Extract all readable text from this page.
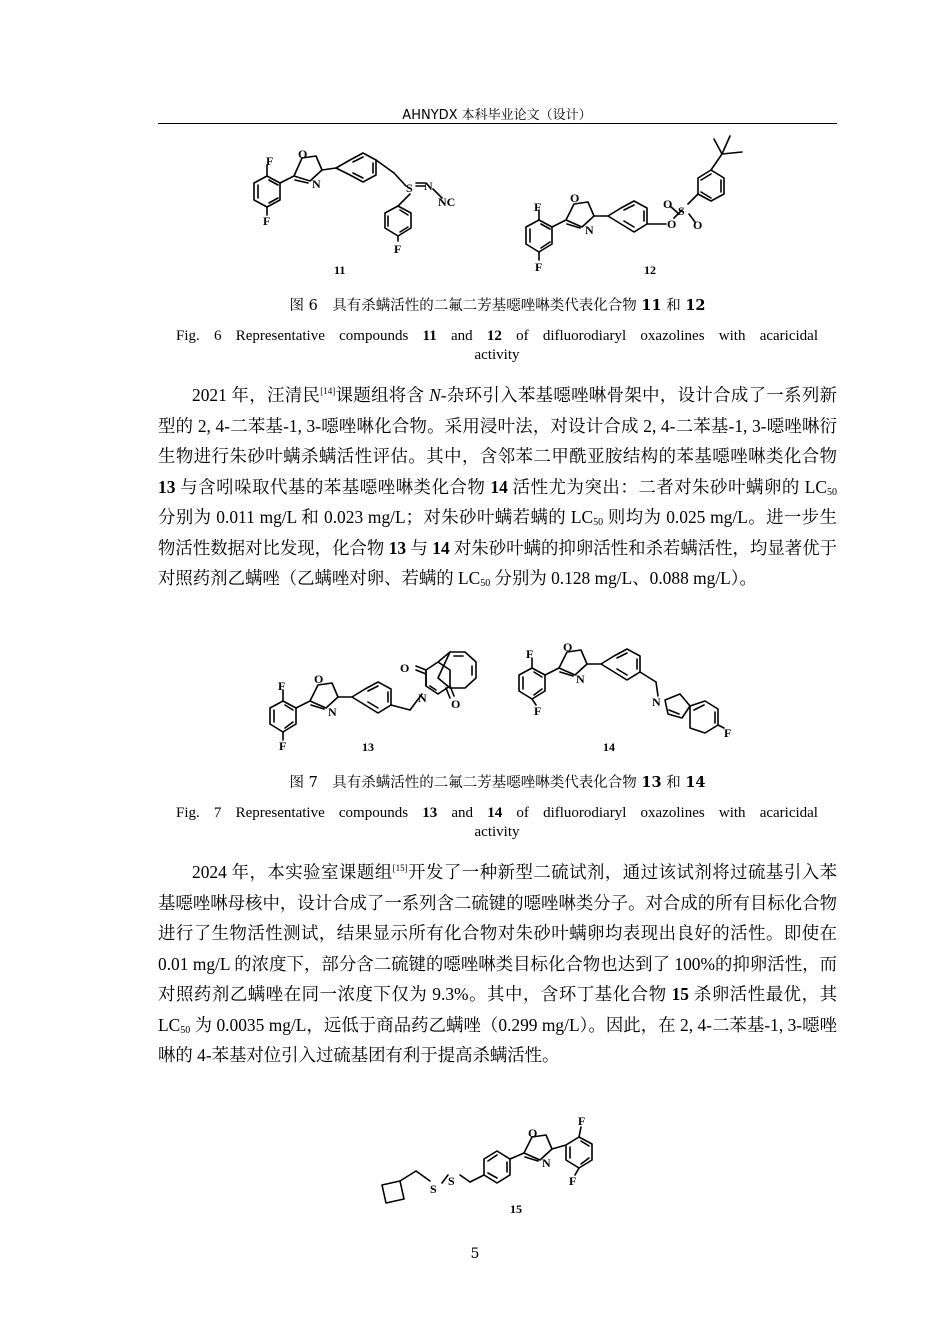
AHNYDX 本科毕业论文（设计）
F
F
O
N	S N
NC
F
11
F
F
O
N	O
S
O
O
12
图 6　具有杀螨活性的二氟二芳基噁唑啉类代表化合物 11 和 12
Fig. 6 Representative compounds 11 and 12 of difluorodiaryl oxazolines with acaricidal activity
2021 年，汪清民[14]课题组将含 N-杂环引入苯基噁唑啉骨架中，设计合成了一系列新型的 2, 4-二苯基-1, 3-噁唑啉化合物。采用浸叶法，对设计合成 2, 4-二苯基-1, 3-噁唑啉衍生物进行朱砂叶螨杀螨活性评估。其中，含邻苯二甲酰亚胺结构的苯基噁唑啉类化合物 13 与含吲哚取代基的苯基噁唑啉类化合物 14 活性尤为突出：二者对朱砂叶螨卵的 $LC_{50}$ 分别为 0.011 mg/L 和 0.023 mg/L；对朱砂叶螨若螨的 $LC_{50}$ 则均为 0.025 mg/L。进一步生物活性数据对比发现，化合物 13 与 14 对朱砂叶螨的抑卵活性和杀若螨活性，均显著优于对照药剂乙螨唑（乙螨唑对卵、若螨的 $LC_{50}$ 分别为 0.128 mg/L、0.088 mg/L）。
F
F
O
N
N
O
O
13
F
F
O
N
N
F
14
图 7　具有杀螨活性的二氟二芳基噁唑啉类代表化合物 13 和 14
Fig. 7 Representative compounds 13 and 14 of difluorodiaryl oxazolines with acaricidal activity
2024 年，本实验室课题组[15]开发了一种新型二硫试剂，通过该试剂将过硫基引入苯基噁唑啉母核中，设计合成了一系列含二硫键的噁唑啉类分子。对合成的所有目标化合物进行了生物活性测试，结果显示所有化合物对朱砂叶螨卵均表现出良好的活性。即使在 0.01 mg/L 的浓度下，部分含二硫键的噁唑啉类目标化合物也达到了 100%的抑卵活性，而对照药剂乙螨唑在同一浓度下仅为 9.3%。其中，含环丁基化合物 15 杀卵活性最优，其 $LC_{50}$ 为 0.0035 mg/L，远低于商品药乙螨唑（0.299 mg/L）。因此，在 2, 4-二苯基-1, 3-噁唑啉的 4-苯基对位引入过硫基团有利于提高杀螨活性。
S
S
O
N
F
F
15
5
